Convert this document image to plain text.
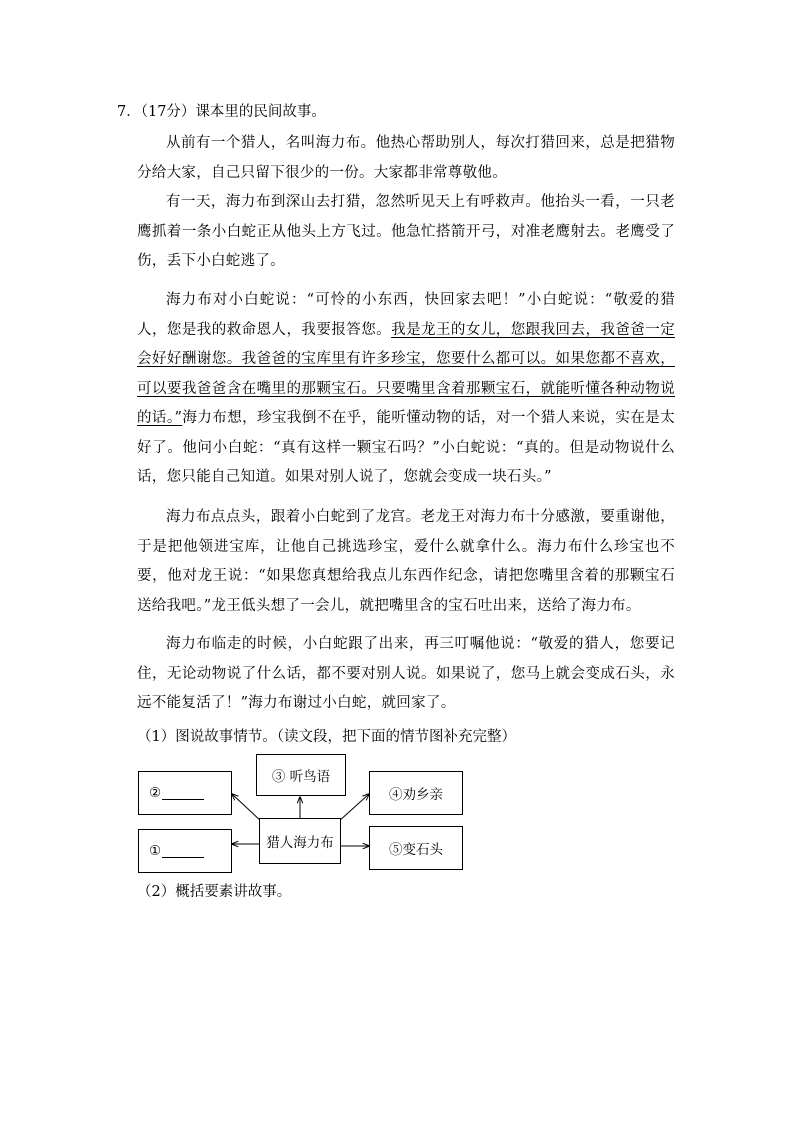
7．（17分）课本里的民间故事。

从前有一个猎人，名叫海力布。他热心帮助别人，每次打猎回来，总是把猎物分给大家，自己只留下很少的一份。大家都非常尊敬他。

有一天，海力布到深山去打猎，忽然听见天上有呼救声。他抬头一看，一只老鹰抓着一条小白蛇正从他头上方飞过。他急忙搭箭开弓，对准老鹰射去。老鹰受了伤，丢下小白蛇逃了。

海力布对小白蛇说：“可怜的小东西，快回家去吧！”小白蛇说：“敬爱的猎人，您是我的救命恩人，我要报答您。我是龙王的女儿，您跟我回去，我爸爸一定会好好酬谢您。我爸爸的宝库里有许多珍宝，您要什么都可以。如果您都不喜欢，可以要我爸爸含在嘴里的那颗宝石。只要嘴里含着那颗宝石，就能听懂各种动物说的话。”海力布想，珍宝我倒不在乎，能听懂动物的话，对一个猎人来说，实在是太好了。他问小白蛇：“真有这样一颗宝石吗？”小白蛇说：“真的。但是动物说什么话，您只能自己知道。如果对别人说了，您就会变成一块石头。”

海力布点点头，跟着小白蛇到了龙宫。老龙王对海力布十分感激，要重谢他，于是把他领进宝库，让他自己挑选珍宝，爱什么就拿什么。海力布什么珍宝也不要，他对龙王说：“如果您真想给我点儿东西作纪念，请把您嘴里含着的那颗宝石送给我吧。”龙王低头想了一会儿，就把嘴里含的宝石吐出来，送给了海力布。

海力布临走的时候，小白蛇跟了出来，再三叮嘱他说：“敬爱的猎人，您要记住，无论动物说了什么话，都不要对别人说。如果说了，您马上就会变成石头，永远不能复活了！”海力布谢过小白蛇，就回家了。

（1）图说故事情节。（读文段，把下面的情节图补充完整）
②
③ 听鸟语
④劝乡亲
猎人海力布
①	⑤变石头
（2）概括要素讲故事。
